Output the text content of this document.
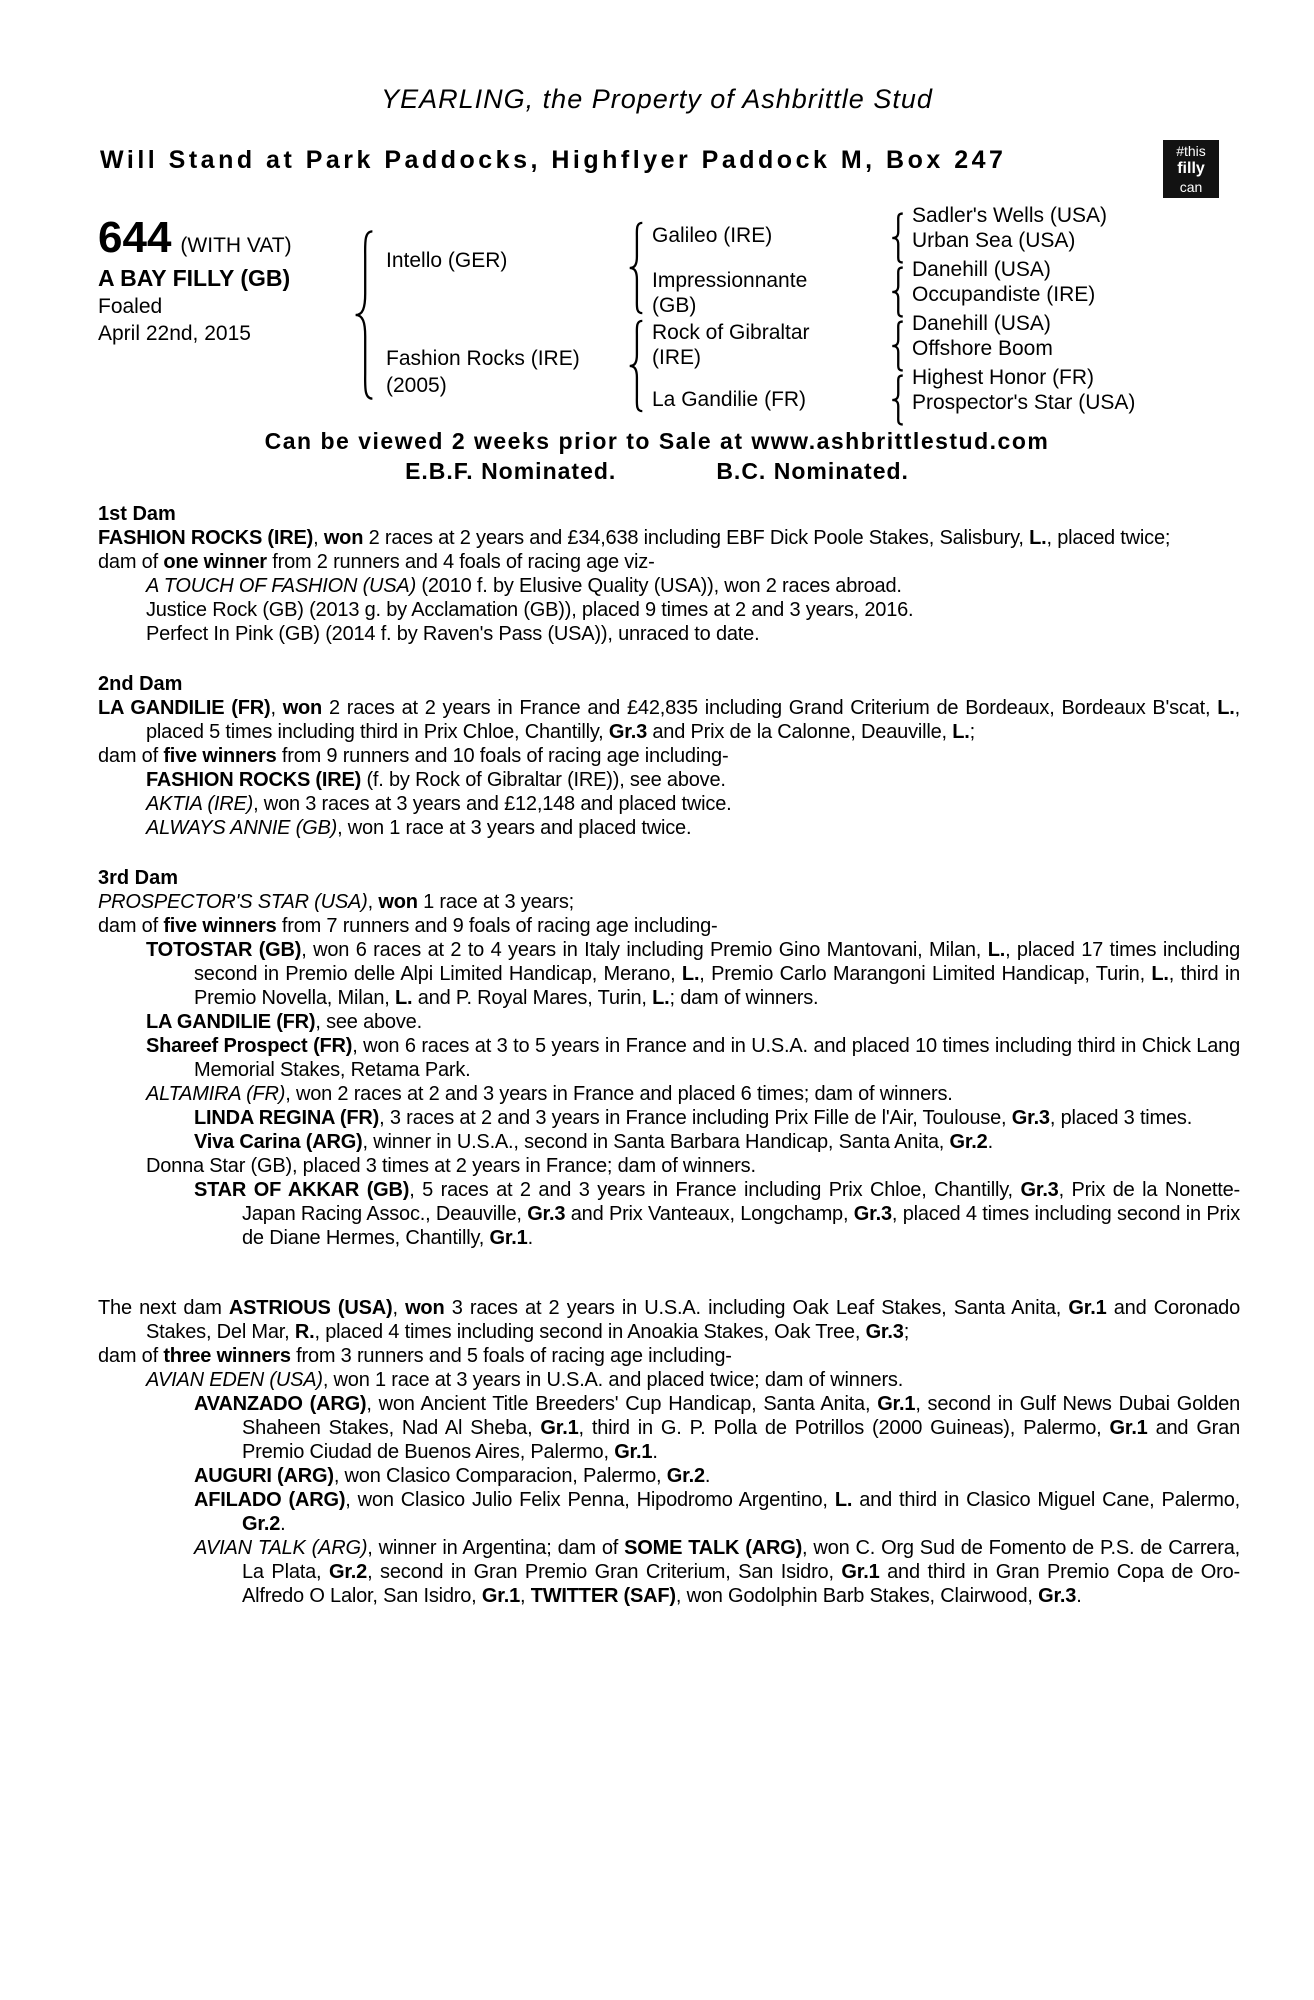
YEARLING, the Property of Ashbrittle Stud
Will Stand at Park Paddocks, Highflyer Paddock M, Box 247	#this
filly
can
644 (WITH VAT)
A BAY FILLY (GB)
Foaled
April 22nd, 2015
Intello (GER)
Fashion Rocks (IRE)
(2005)
Galileo (IRE)
Impressionnante
(GB)
Rock of Gibraltar
(IRE)
La Gandilie (FR)
Sadler's Wells (USA)
Urban Sea (USA)
Danehill (USA)
Occupandiste (IRE)
Danehill (USA)
Offshore Boom
Highest Honor (FR)
Prospector's Star (USA)
Can be viewed 2 weeks prior to Sale at www.ashbrittlestud.com
E.B.F. Nominated.	B.C. Nominated.
1st Dam

FASHION ROCKS (IRE), won 2 races at 2 years and £34,638 including EBF Dick Poole Stakes, Salisbury, L., placed twice;

dam of one winner from 2 runners and 4 foals of racing age viz-

A TOUCH OF FASHION (USA) (2010 f. by Elusive Quality (USA)), won 2 races abroad.

Justice Rock (GB) (2013 g. by Acclamation (GB)), placed 9 times at 2 and 3 years, 2016.

Perfect In Pink (GB) (2014 f. by Raven's Pass (USA)), unraced to date.

2nd Dam

LA GANDILIE (FR), won 2 races at 2 years in France and £42,835 including Grand Criterium de Bordeaux, Bordeaux B'scat, L., placed 5 times including third in Prix Chloe, Chantilly, Gr.3 and Prix de la Calonne, Deauville, L.;

dam of five winners from 9 runners and 10 foals of racing age including-

FASHION ROCKS (IRE) (f. by Rock of Gibraltar (IRE)), see above.

AKTIA (IRE), won 3 races at 3 years and £12,148 and placed twice.

ALWAYS ANNIE (GB), won 1 race at 3 years and placed twice.

3rd Dam

PROSPECTOR'S STAR (USA), won 1 race at 3 years;

dam of five winners from 7 runners and 9 foals of racing age including-

TOTOSTAR (GB), won 6 races at 2 to 4 years in Italy including Premio Gino Mantovani, Milan, L., placed 17 times including second in Premio delle Alpi Limited Handicap, Merano, L., Premio Carlo Marangoni Limited Handicap, Turin, L., third in Premio Novella, Milan, L. and P. Royal Mares, Turin, L.; dam of winners.

LA GANDILIE (FR), see above.

Shareef Prospect (FR), won 6 races at 3 to 5 years in France and in U.S.A. and placed 10 times including third in Chick Lang Memorial Stakes, Retama Park.

ALTAMIRA (FR), won 2 races at 2 and 3 years in France and placed 6 times; dam of winners.

LINDA REGINA (FR), 3 races at 2 and 3 years in France including Prix Fille de l'Air, Toulouse, Gr.3, placed 3 times.

Viva Carina (ARG), winner in U.S.A., second in Santa Barbara Handicap, Santa Anita, Gr.2.

Donna Star (GB), placed 3 times at 2 years in France; dam of winners.

STAR OF AKKAR (GB), 5 races at 2 and 3 years in France including Prix Chloe, Chantilly, Gr.3, Prix de la Nonette-Japan Racing Assoc., Deauville, Gr.3 and Prix Vanteaux, Longchamp, Gr.3, placed 4 times including second in Prix de Diane Hermes, Chantilly, Gr.1.

The next dam ASTRIOUS (USA), won 3 races at 2 years in U.S.A. including Oak Leaf Stakes, Santa Anita, Gr.1 and Coronado Stakes, Del Mar, R., placed 4 times including second in Anoakia Stakes, Oak Tree, Gr.3;

dam of three winners from 3 runners and 5 foals of racing age including-

AVIAN EDEN (USA), won 1 race at 3 years in U.S.A. and placed twice; dam of winners.

AVANZADO (ARG), won Ancient Title Breeders' Cup Handicap, Santa Anita, Gr.1, second in Gulf News Dubai Golden Shaheen Stakes, Nad Al Sheba, Gr.1, third in G. P. Polla de Potrillos (2000 Guineas), Palermo, Gr.1 and Gran Premio Ciudad de Buenos Aires, Palermo, Gr.1.

AUGURI (ARG), won Clasico Comparacion, Palermo, Gr.2.

AFILADO (ARG), won Clasico Julio Felix Penna, Hipodromo Argentino, L. and third in Clasico Miguel Cane, Palermo, Gr.2.

AVIAN TALK (ARG), winner in Argentina; dam of SOME TALK (ARG), won C. Org Sud de Fomento de P.S. de Carrera, La Plata, Gr.2, second in Gran Premio Gran Criterium, San Isidro, Gr.1 and third in Gran Premio Copa de Oro-Alfredo O Lalor, San Isidro, Gr.1, TWITTER (SAF), won Godolphin Barb Stakes, Clairwood, Gr.3.
